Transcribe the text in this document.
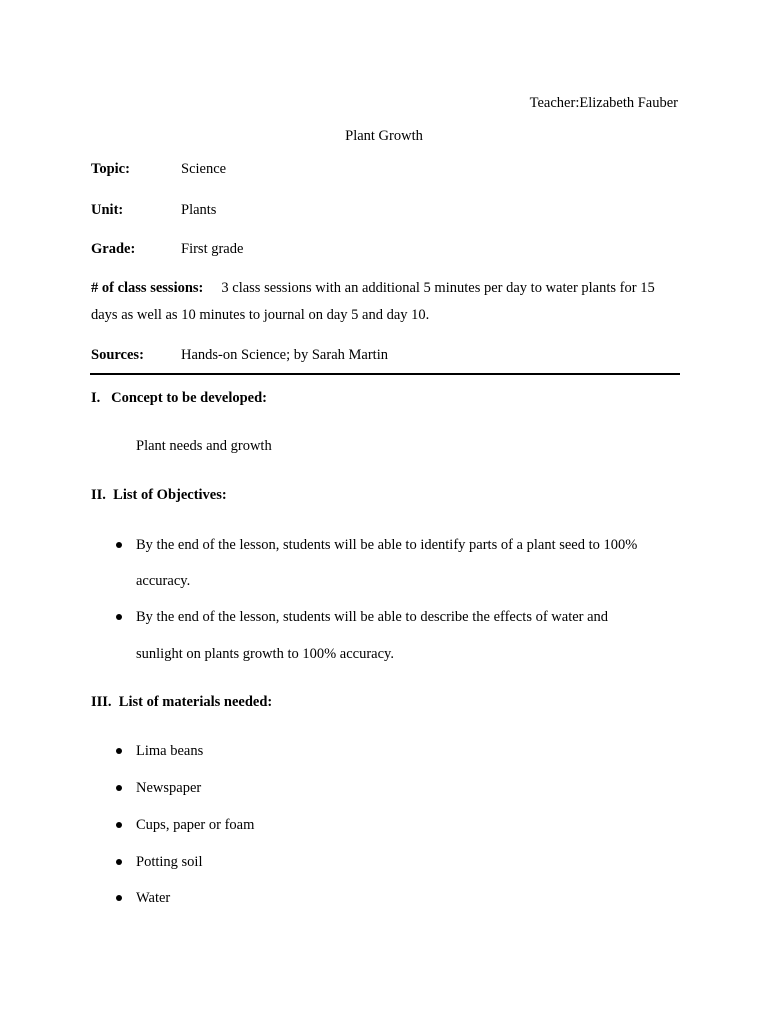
Teacher:Elizabeth Fauber
Plant Growth
Topic:	Science
Unit:	Plants
Grade:	First grade
# of class sessions: 3 class sessions with an additional 5 minutes per day to water plants for 15
days as well as 10 minutes to journal on day 5 and day 10.
Sources:	Hands-on Science; by Sarah Martin
I.   Concept to be developed:
Plant needs and growth
II.  List of Objectives:
By the end of the lesson, students will be able to identify parts of a plant seed to 100%
accuracy.
By the end of the lesson, students will be able to describe the effects of water and
sunlight on plants growth to 100% accuracy.
III.  List of materials needed:
Lima beans
Newspaper
Cups, paper or foam
Potting soil
Water
